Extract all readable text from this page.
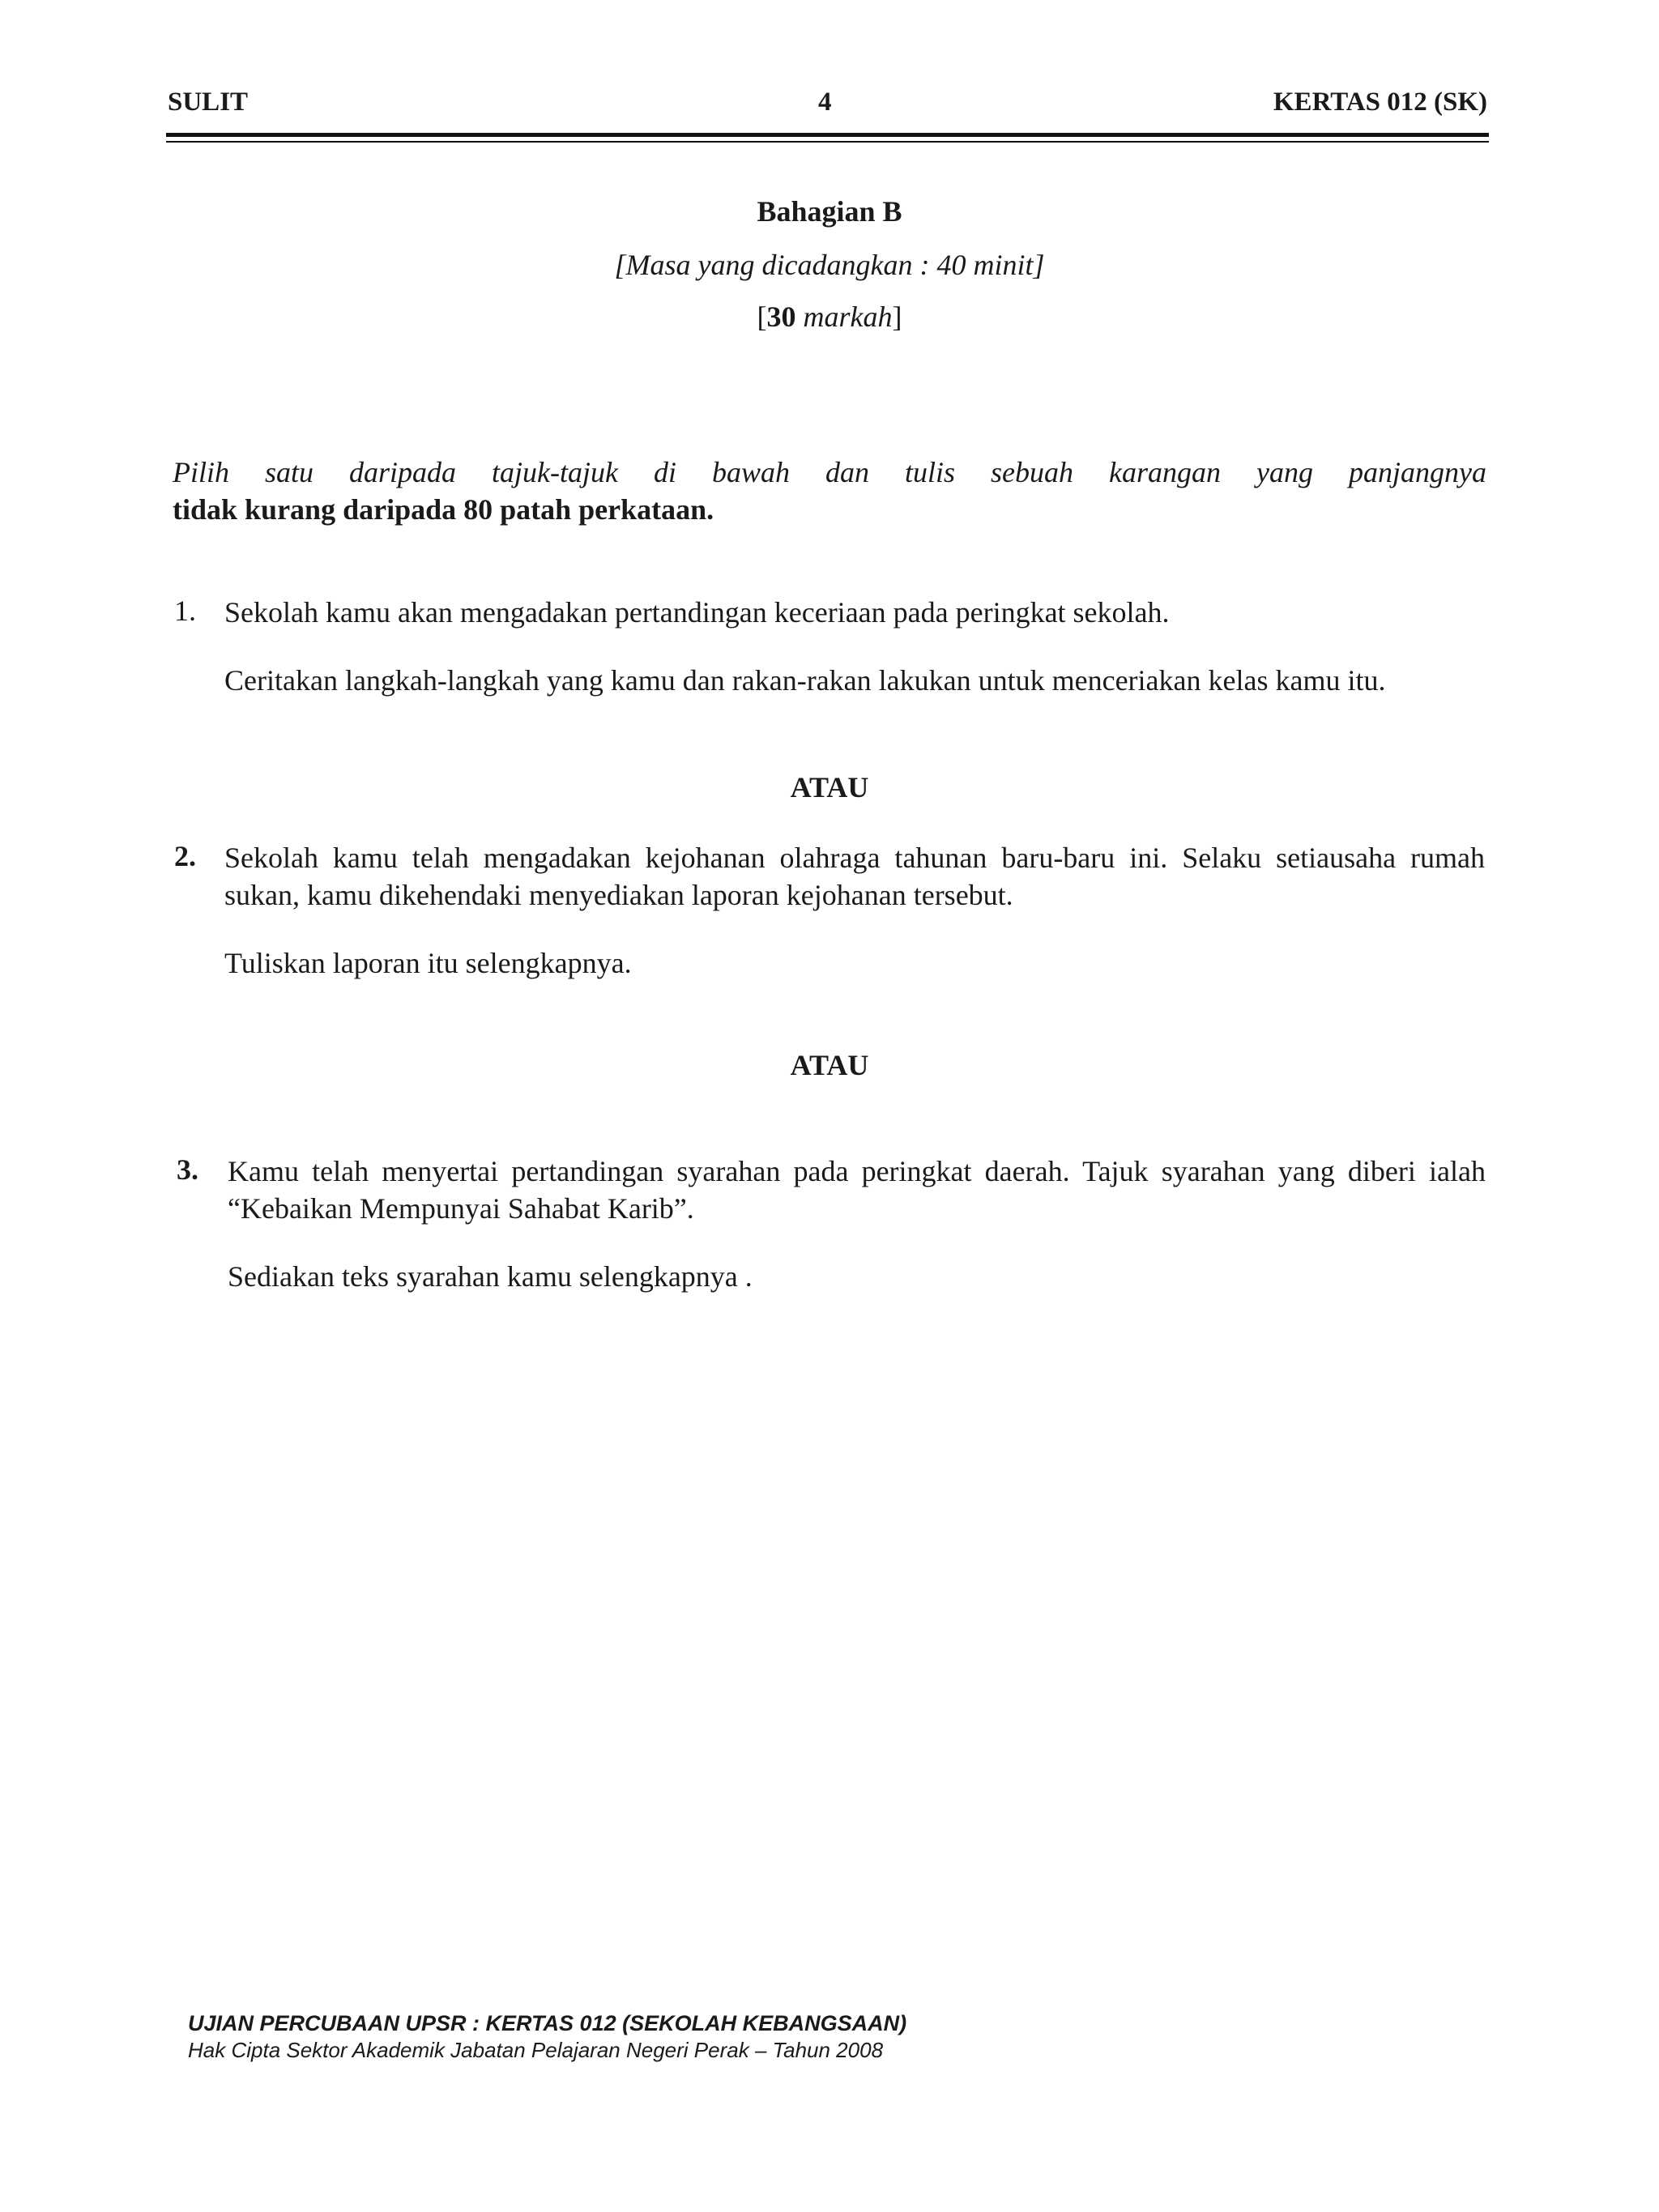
SULIT	4	KERTAS 012 (SK)
Bahagian B
[Masa yang dicadangkan : 40 minit]
[30 markah]
Pilih satu daripada tajuk-tajuk di bawah dan tulis sebuah karangan yang panjangnya
tidak kurang daripada 80 patah perkataan.
1. Sekolah kamu akan mengadakan pertandingan keceriaan pada peringkat sekolah.
Ceritakan langkah-langkah yang kamu dan rakan-rakan lakukan untuk menceriakan kelas kamu itu.
ATAU
2. Sekolah kamu telah mengadakan kejohanan olahraga tahunan baru-baru ini. Selaku setiausaha rumah sukan, kamu dikehendaki menyediakan laporan kejohanan tersebut.
Tuliskan laporan itu selengkapnya.
ATAU
3. Kamu telah menyertai pertandingan syarahan pada peringkat daerah. Tajuk syarahan yang diberi ialah “Kebaikan Mempunyai Sahabat Karib”.
Sediakan teks syarahan kamu selengkapnya .
UJIAN PERCUBAAN UPSR : KERTAS 012 (SEKOLAH KEBANGSAAN)
Hak Cipta Sektor Akademik Jabatan Pelajaran Negeri Perak – Tahun 2008
